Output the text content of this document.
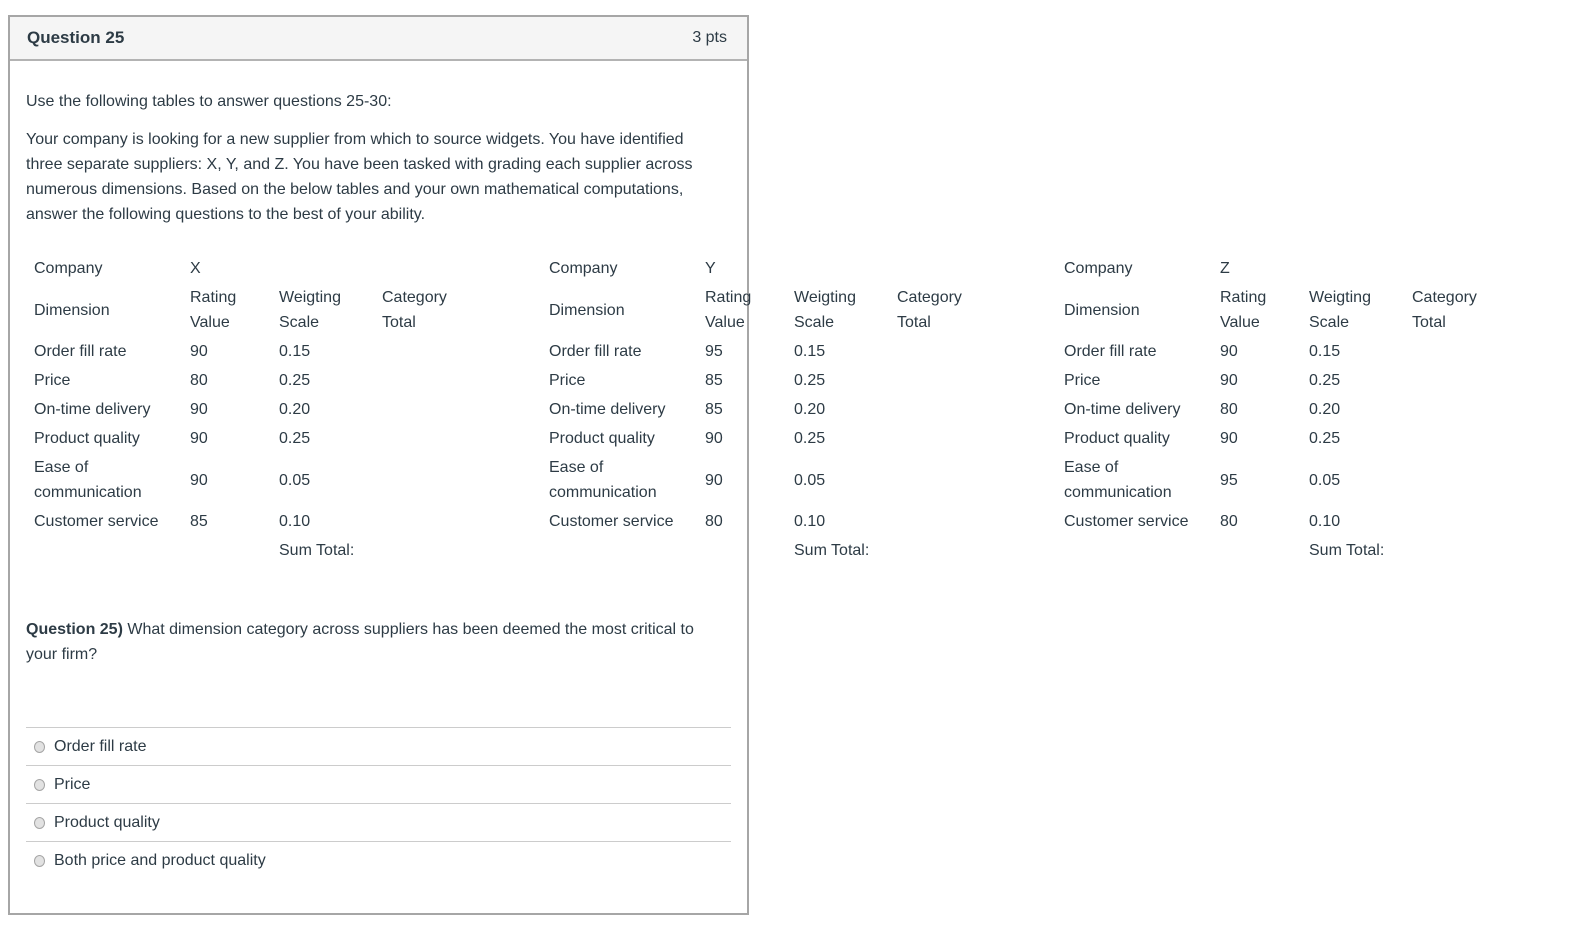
Question 25	3 pts

Use the following tables to answer questions 25-30:

Your company is looking for a new supplier from which to source widgets. You have identified three separate suppliers: X, Y, and Z. You have been tasked with grading each supplier across numerous dimensions. Based on the below tables and your own mathematical computations, answer the following questions to the best of your ability.

Company	X		
Dimension	Rating Value	Weigting Scale	Category Total
Order fill rate	90	0.15	
Price	80	0.25	
On-time delivery	90	0.20	
Product quality	90	0.25	
Ease of communication	90	0.05	
Customer service	85	0.10	
		Sum Total:	
Company	Y		
Dimension	Rating Value	Weigting Scale	Category Total
Order fill rate	95	0.15	
Price	85	0.25	
On-time delivery	85	0.20	
Product quality	90	0.25	
Ease of communication	90	0.05	
Customer service	80	0.10	
		Sum Total:	
Company	Z		
Dimension	Rating Value	Weigting Scale	Category Total
Order fill rate	90	0.15	
Price	90	0.25	
On-time delivery	80	0.20	
Product quality	90	0.25	
Ease of communication	95	0.05	
Customer service	80	0.10	
		Sum Total:	

Question 25) What dimension category across suppliers has been deemed the most critical to your firm?

Order fill rate
Price
Product quality
Both price and product quality
